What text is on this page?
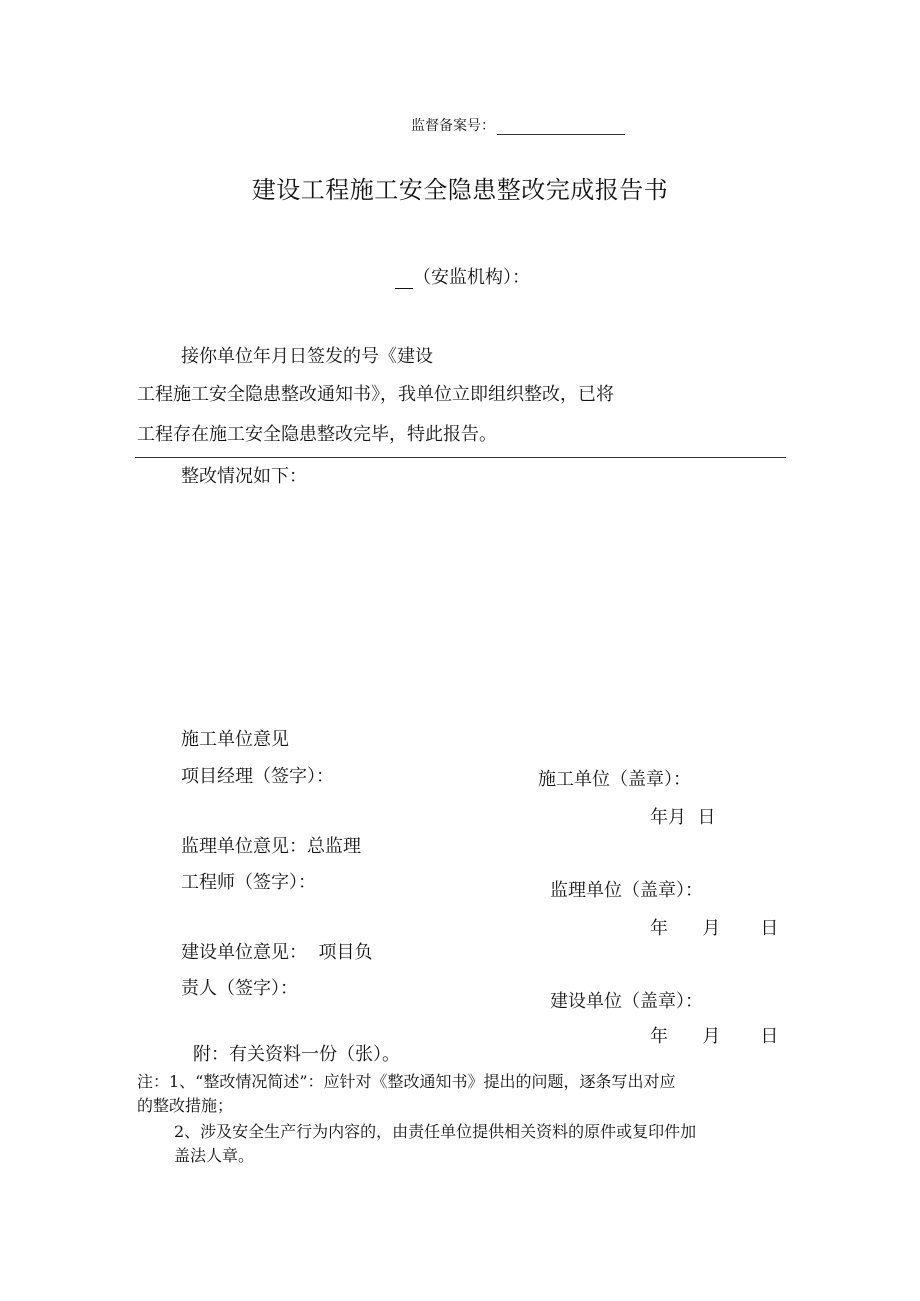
监督备案号：
建设工程施工安全隐患整改完成报告书
（安监机构）：
接你单位年月日签发的号《建设
工程施工安全隐患整改通知书》，我单位立即组织整改，已将
工程存在施工安全隐患整改完毕，特此报告。
整改情况如下：
施工单位意见
项目经理（签字）：	施工单位（盖章）：
年月  日
监理单位意见：总监理
工程师（签字）：	监理单位（盖章）：
年      月       日
建设单位意见：  项目负
责人（签字）：
建设单位（盖章）：
年      月       日
附：有关资料一份（张）。
注：1、“整改情况简述”：应针对《整改通知书》提出的问题，逐条写出对应
的整改措施；
2、涉及安全生产行为内容的，由责任单位提供相关资料的原件或复印件加
盖法人章。
